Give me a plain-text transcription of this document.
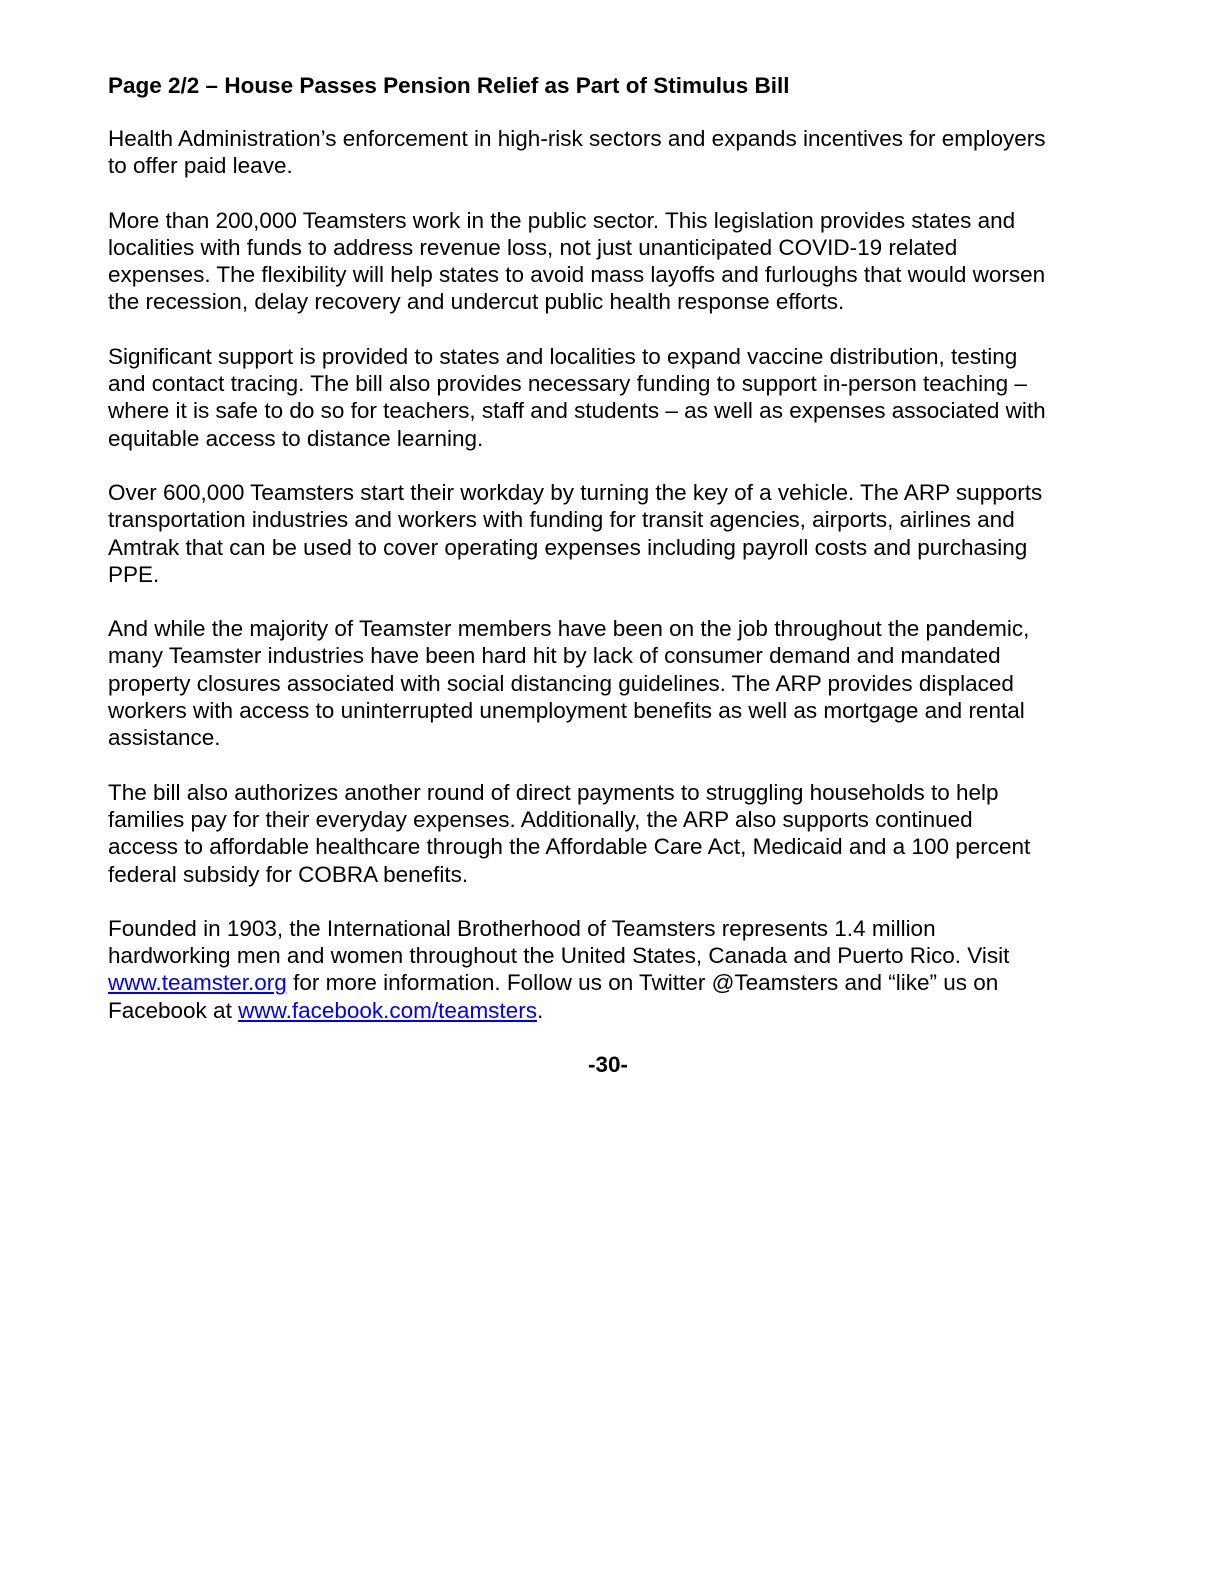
Page 2/2 – House Passes Pension Relief as Part of Stimulus Bill
Health Administration’s enforcement in high-risk sectors and expands incentives for employers
to offer paid leave.
More than 200,000 Teamsters work in the public sector. This legislation provides states and
localities with funds to address revenue loss, not just unanticipated COVID-19 related
expenses. The flexibility will help states to avoid mass layoffs and furloughs that would worsen
the recession, delay recovery and undercut public health response efforts.
Significant support is provided to states and localities to expand vaccine distribution, testing
and contact tracing. The bill also provides necessary funding to support in-person teaching –
where it is safe to do so for teachers, staff and students – as well as expenses associated with
equitable access to distance learning.
Over 600,000 Teamsters start their workday by turning the key of a vehicle. The ARP supports
transportation industries and workers with funding for transit agencies, airports, airlines and
Amtrak that can be used to cover operating expenses including payroll costs and purchasing
PPE.
And while the majority of Teamster members have been on the job throughout the pandemic,
many Teamster industries have been hard hit by lack of consumer demand and mandated
property closures associated with social distancing guidelines. The ARP provides displaced
workers with access to uninterrupted unemployment benefits as well as mortgage and rental
assistance.
The bill also authorizes another round of direct payments to struggling households to help
families pay for their everyday expenses. Additionally, the ARP also supports continued
access to affordable healthcare through the Affordable Care Act, Medicaid and a 100 percent
federal subsidy for COBRA benefits.
Founded in 1903, the International Brotherhood of Teamsters represents 1.4 million
hardworking men and women throughout the United States, Canada and Puerto Rico. Visit
www.teamster.org for more information. Follow us on Twitter @Teamsters and “like” us on
Facebook at www.facebook.com/teamsters.
-30-
